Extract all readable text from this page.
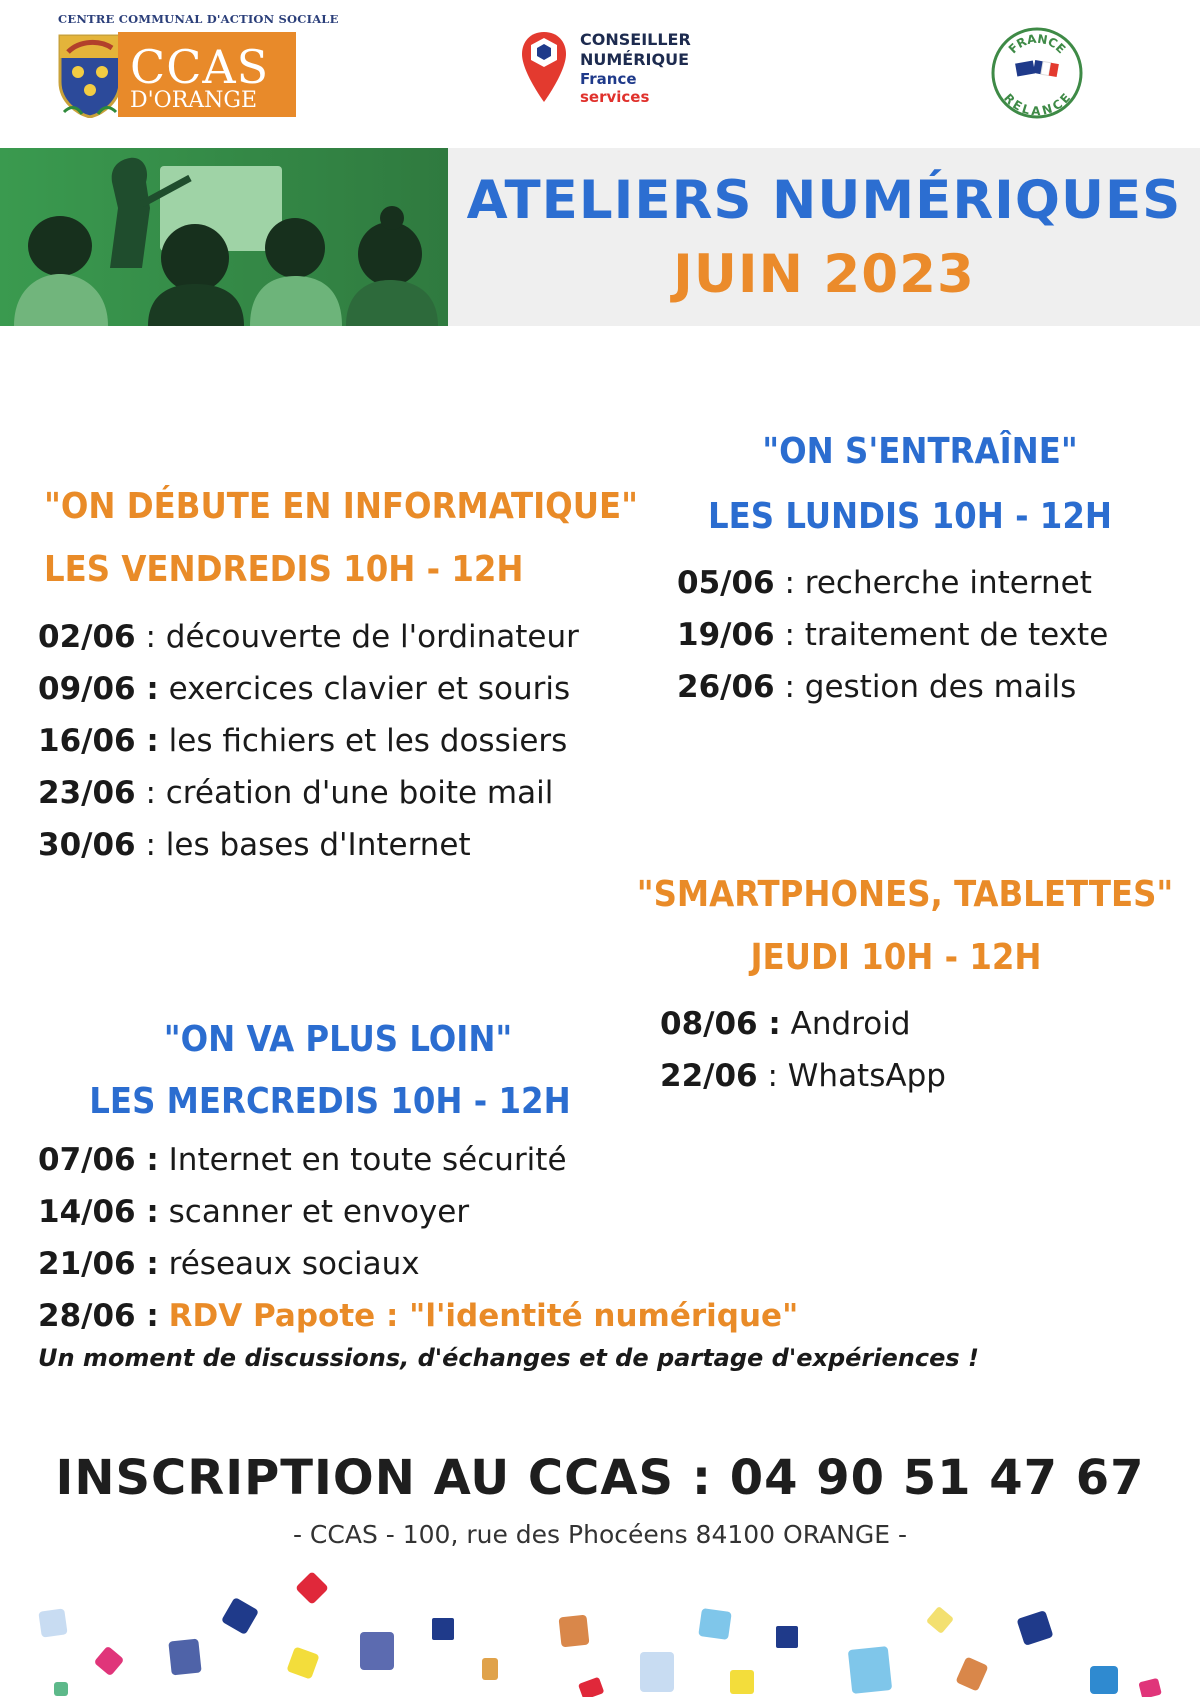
CENTRE COMMUNAL D'ACTION SOCIALE
CCAS
D'ORANGE
CONSEILLER
NUMÉRIQUE
France
services
FRANCE
RELANCE
ATELIERS NUMÉRIQUES
JUIN 2023
"ON DÉBUTE EN INFORMATIQUE"
LES VENDREDIS 10H - 12H
02/06 : découverte de l'ordinateur
09/06 : exercices clavier et souris
16/06 : les fichiers et les dossiers
23/06 : création d'une boite mail
30/06 : les bases d'Internet
"ON S'ENTRAÎNE"
LES LUNDIS 10H - 12H
05/06 : recherche internet
19/06 : traitement de texte
26/06 : gestion des mails
"SMARTPHONES, TABLETTES"
JEUDI 10H - 12H
08/06 : Android
22/06 : WhatsApp
"ON VA PLUS LOIN"
LES MERCREDIS 10H - 12H
07/06 : Internet en toute sécurité
14/06 : scanner et envoyer
21/06 : réseaux sociaux
28/06 : RDV Papote : "l'identité numérique"
Un moment de discussions, d'échanges et de partage d'expériences !
INSCRIPTION AU CCAS : 04 90 51 47 67
- CCAS - 100, rue des Phocéens 84100 ORANGE -
